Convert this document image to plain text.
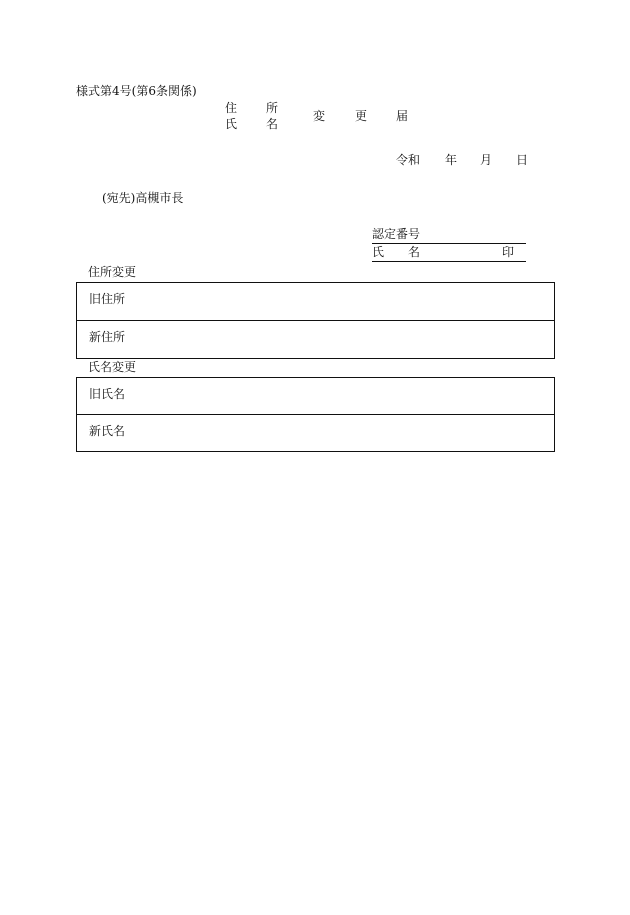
様式第4号(第6条関係)
住 所
氏 名
変 更 届
令和 年 月 日
(宛先)高槻市長
認定番号
氏 名	印
住所変更
旧住所
新住所
氏名変更
旧氏名
新氏名
